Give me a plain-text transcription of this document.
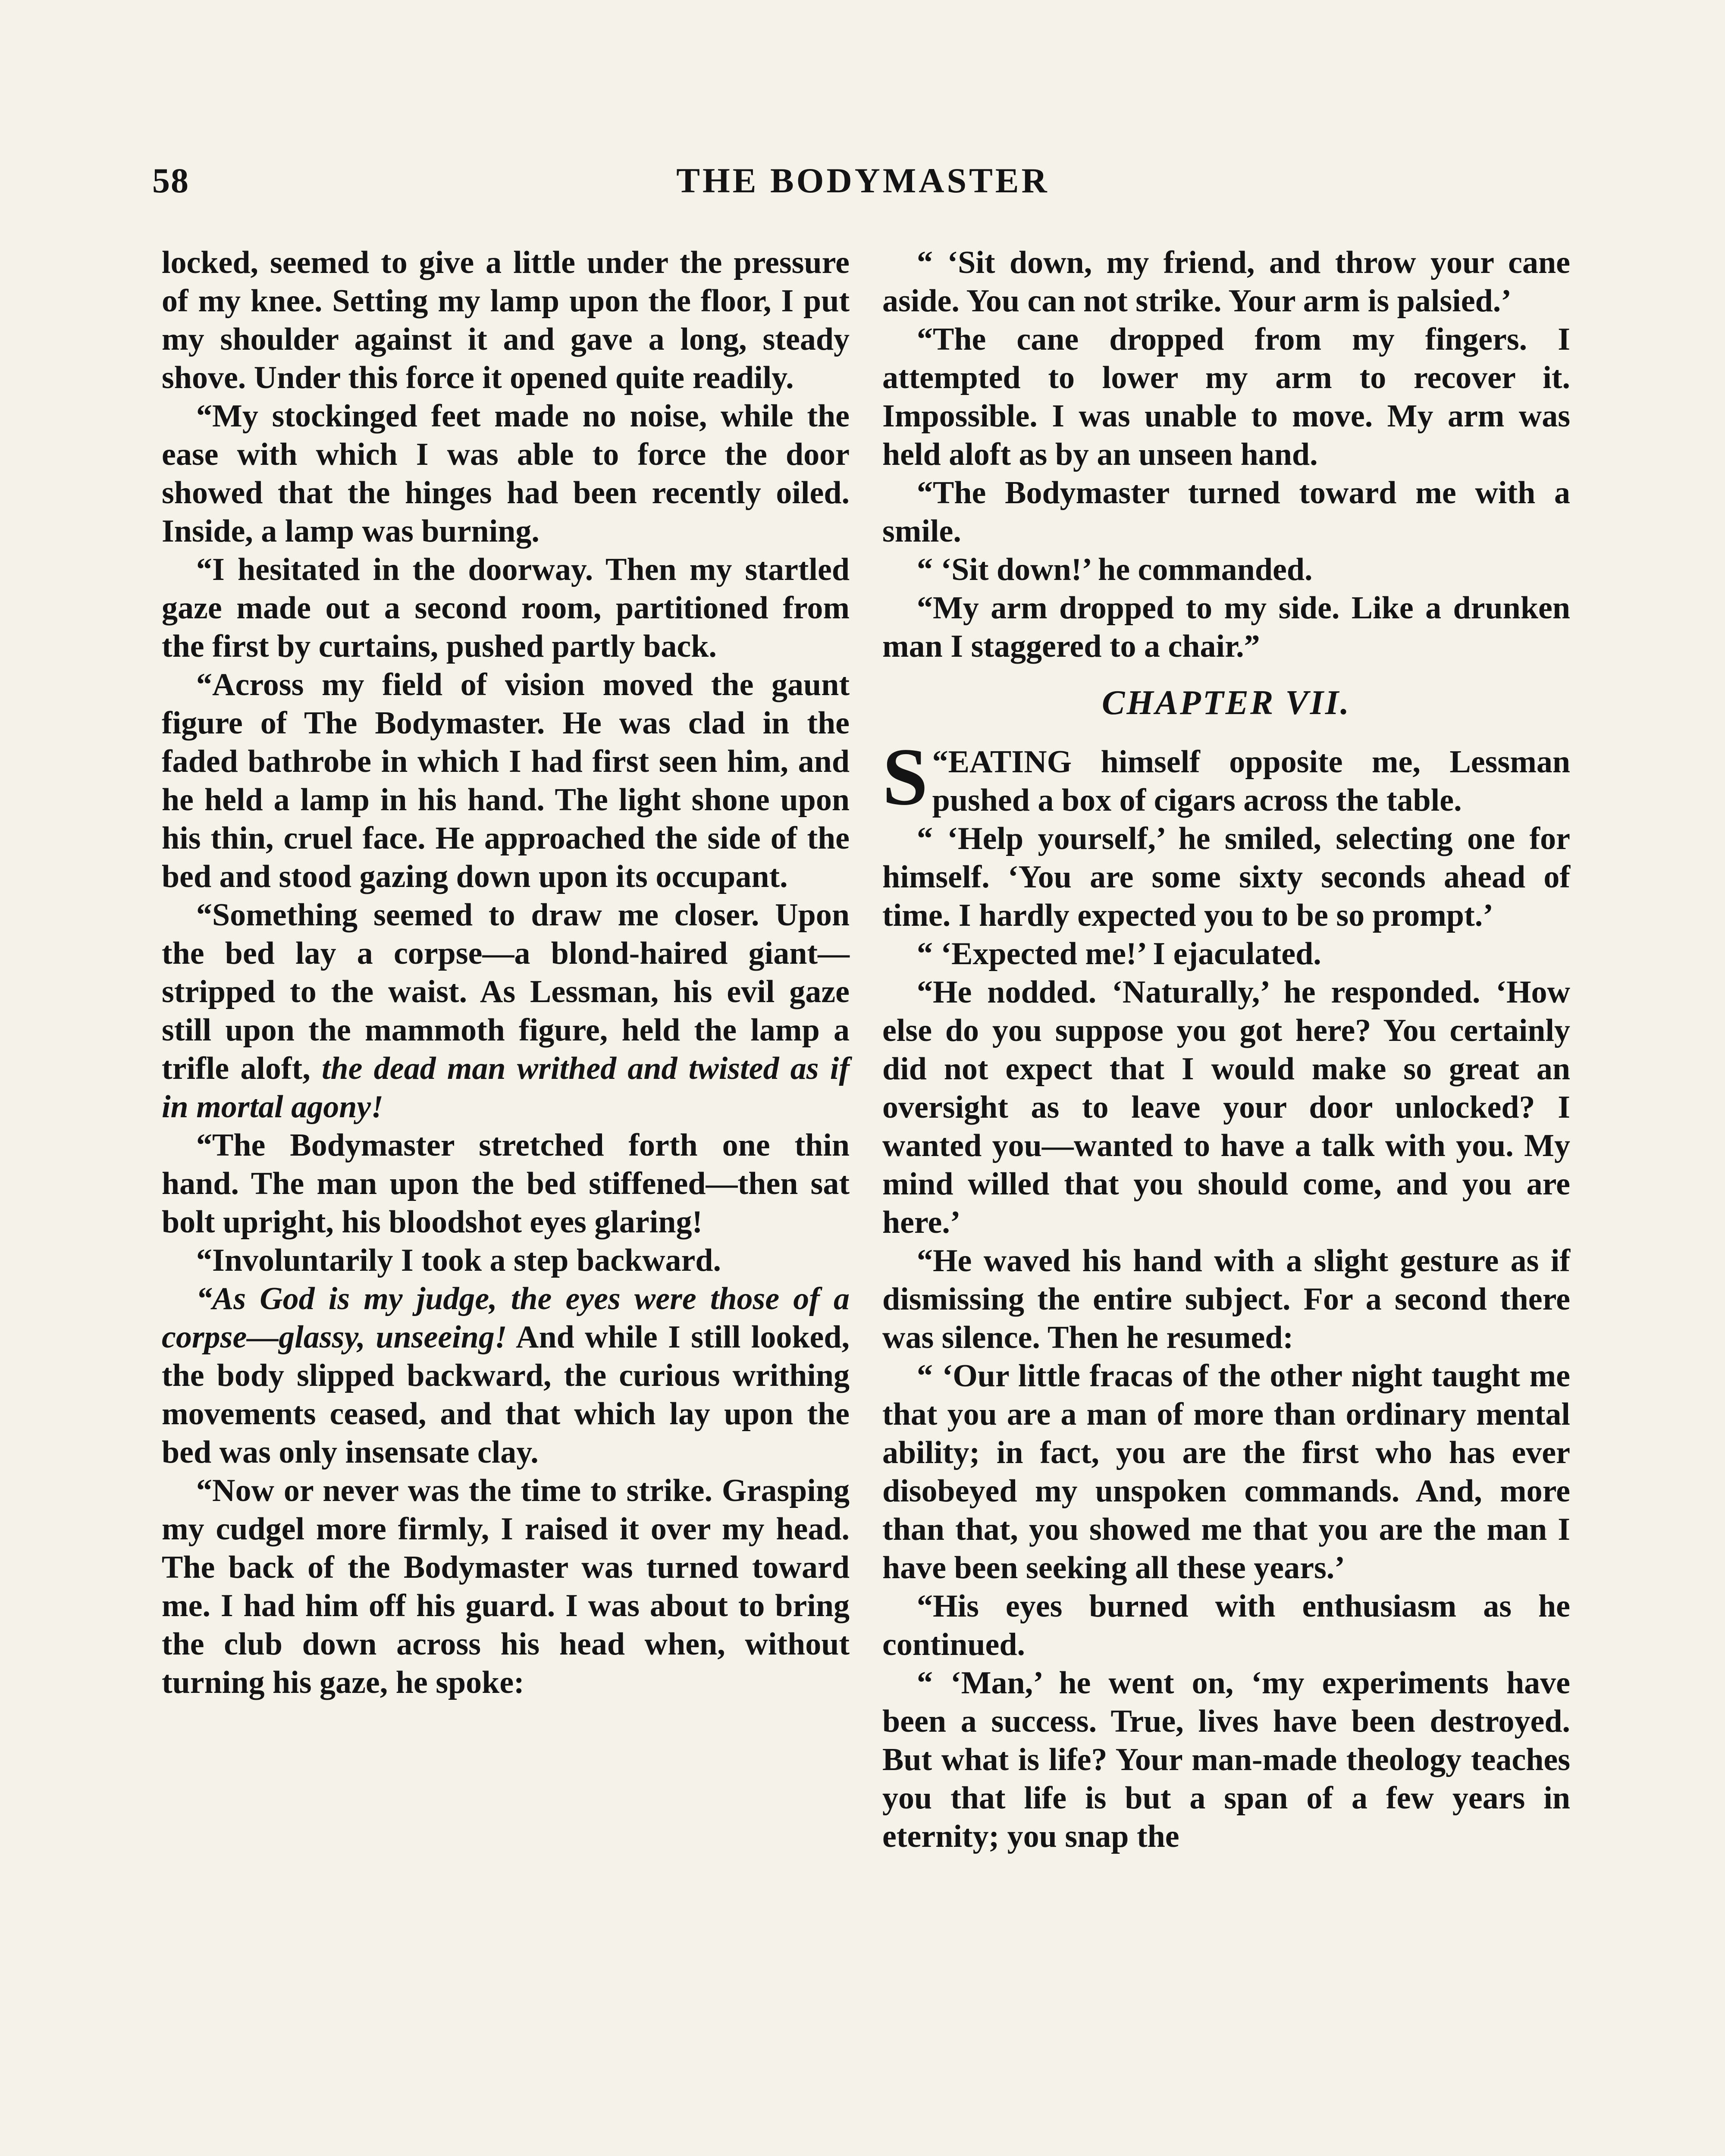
58	THE BODYMASTER

locked, seemed to give a little under the pressure of my knee. Setting my lamp upon the floor, I put my shoulder against it and gave a long, steady shove. Under this force it opened quite readily.

“My stockinged feet made no noise, while the ease with which I was able to force the door showed that the hinges had been recently oiled. Inside, a lamp was burning.

“I hesitated in the doorway. Then my startled gaze made out a second room, partitioned from the first by curtains, pushed partly back.

“Across my field of vision moved the gaunt figure of The Bodymaster. He was clad in the faded bathrobe in which I had first seen him, and he held a lamp in his hand. The light shone upon his thin, cruel face. He approached the side of the bed and stood gazing down upon its occupant.

“Something seemed to draw me closer. Upon the bed lay a corpse—a blond-haired giant—stripped to the waist. As Lessman, his evil gaze still upon the mammoth figure, held the lamp a trifle aloft, the dead man writhed and twisted as if in mortal agony!

“The Bodymaster stretched forth one thin hand. The man upon the bed stiffened—then sat bolt upright, his bloodshot eyes glaring!

“Involuntarily I took a step backward.

“As God is my judge, the eyes were those of a corpse—glassy, unseeing! And while I still looked, the body slipped backward, the curious writhing movements ceased, and that which lay upon the bed was only insensate clay.

“Now or never was the time to strike. Grasping my cudgel more firmly, I raised it over my head. The back of the Bodymaster was turned toward me. I had him off his guard. I was about to bring the club down across his head when, without turning his gaze, he spoke:

“ ‘Sit down, my friend, and throw your cane aside. You can not strike. Your arm is palsied.’

“The cane dropped from my fingers. I attempted to lower my arm to recover it. Impossible. I was unable to move. My arm was held aloft as by an unseen hand.

“The Bodymaster turned toward me with a smile.

“ ‘Sit down!’ he commanded.

“My arm dropped to my side. Like a drunken man I staggered to a chair.”

CHAPTER VII.

“
S EATING himself opposite me, Lessman pushed a box of cigars across the table.

“ ‘Help yourself,’ he smiled, selecting one for himself. ‘You are some sixty seconds ahead of time. I hardly expected you to be so prompt.’

“ ‘Expected me!’ I ejaculated.

“He nodded. ‘Naturally,’ he responded. ‘How else do you suppose you got here? You certainly did not expect that I would make so great an oversight as to leave your door unlocked? I wanted you—wanted to have a talk with you. My mind willed that you should come, and you are here.’

“He waved his hand with a slight gesture as if dismissing the entire subject. For a second there was silence. Then he resumed:

“ ‘Our little fracas of the other night taught me that you are a man of more than ordinary mental ability; in fact, you are the first who has ever disobeyed my unspoken commands. And, more than that, you showed me that you are the man I have been seeking all these years.’

“His eyes burned with enthusiasm as he continued.

“ ‘Man,’ he went on, ‘my experiments have been a success. True, lives have been destroyed. But what is life? Your man-made theology teaches you that life is but a span of a few years in eternity; you snap the
